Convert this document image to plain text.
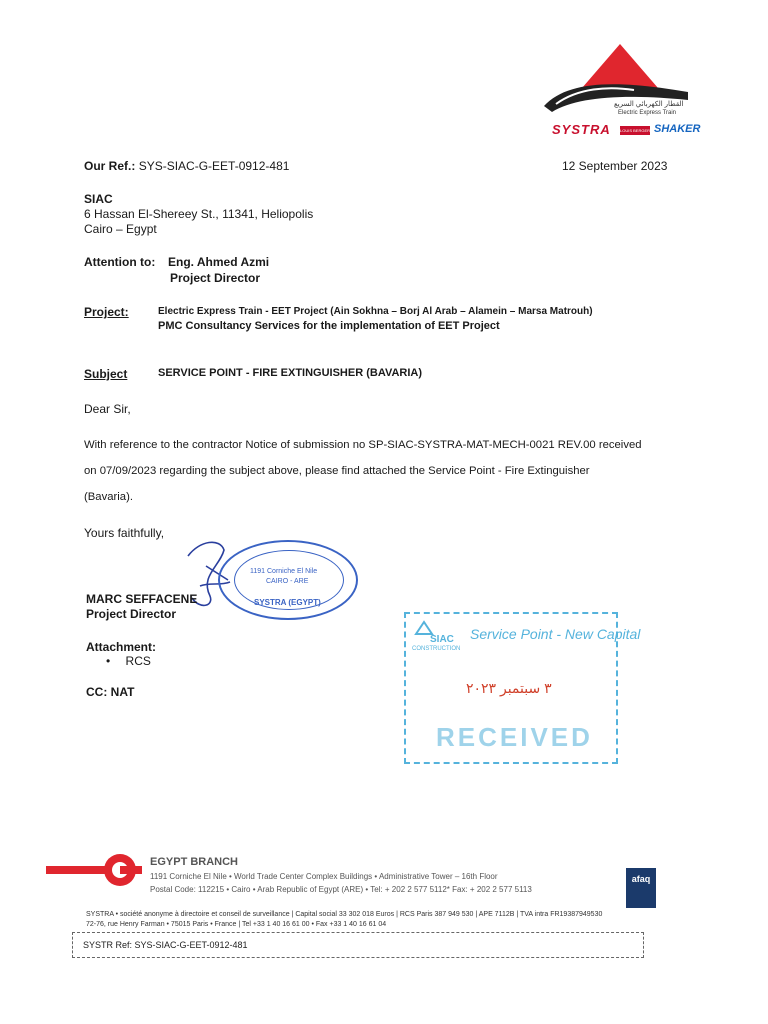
القطار الكهربائي السريع
Electric Express Train
SYSTRA LOUIS BERGER SHAKER
Our Ref.: SYS-SIAC-G-EET-0912-481	12 September 2023
SIAC
6 Hassan El-Shereey St., 11341, Heliopolis
Cairo – Egypt
Attention to: Eng. Ahmed Azmi
Project Director
Project:	Electric Express Train - EET Project (Ain Sokhna – Borj Al Arab – Alamein – Marsa Matrouh)
PMC Consultancy Services for the implementation of EET Project
Subject	SERVICE POINT - FIRE EXTINGUISHER (BAVARIA)
Dear Sir,
With reference to the contractor Notice of submission no SP-SIAC-SYSTRA-MAT-MECH-0021 REV.00 received
on 07/09/2023 regarding the subject above, please find attached the Service Point - Fire Extinguisher
(Bavaria).
Yours faithfully,
1191 Corniche El Nile
CAIRO - ARE
SYSTRA (EGYPT)
MARC SEFFACENE
Project Director
Attachment:
• RCS
CC: NAT
SIAC
CONSTRUCTION
Service Point - New Capital
٣ سبتمبر ٢٠٢٣
RECEIVED
EGYPT BRANCH
1191 Corniche El Nile • World Trade Center Complex Buildings • Administrative Tower – 16th Floor
Postal Code: 112215 • Cairo • Arab Republic of Egypt (ARE) • Tel: + 202 2 577 5112* Fax: + 202 2 577 5113
afaq
SYSTRA • société anonyme à directoire et conseil de surveillance | Capital social 33 302 018 Euros | RCS Paris 387 949 530 | APE 7112B | TVA intra FR19387949530
72-76, rue Henry Farman • 75015 Paris • France | Tel +33 1 40 16 61 00 • Fax +33 1 40 16 61 04
SYSTR Ref: SYS-SIAC-G-EET-0912-481
